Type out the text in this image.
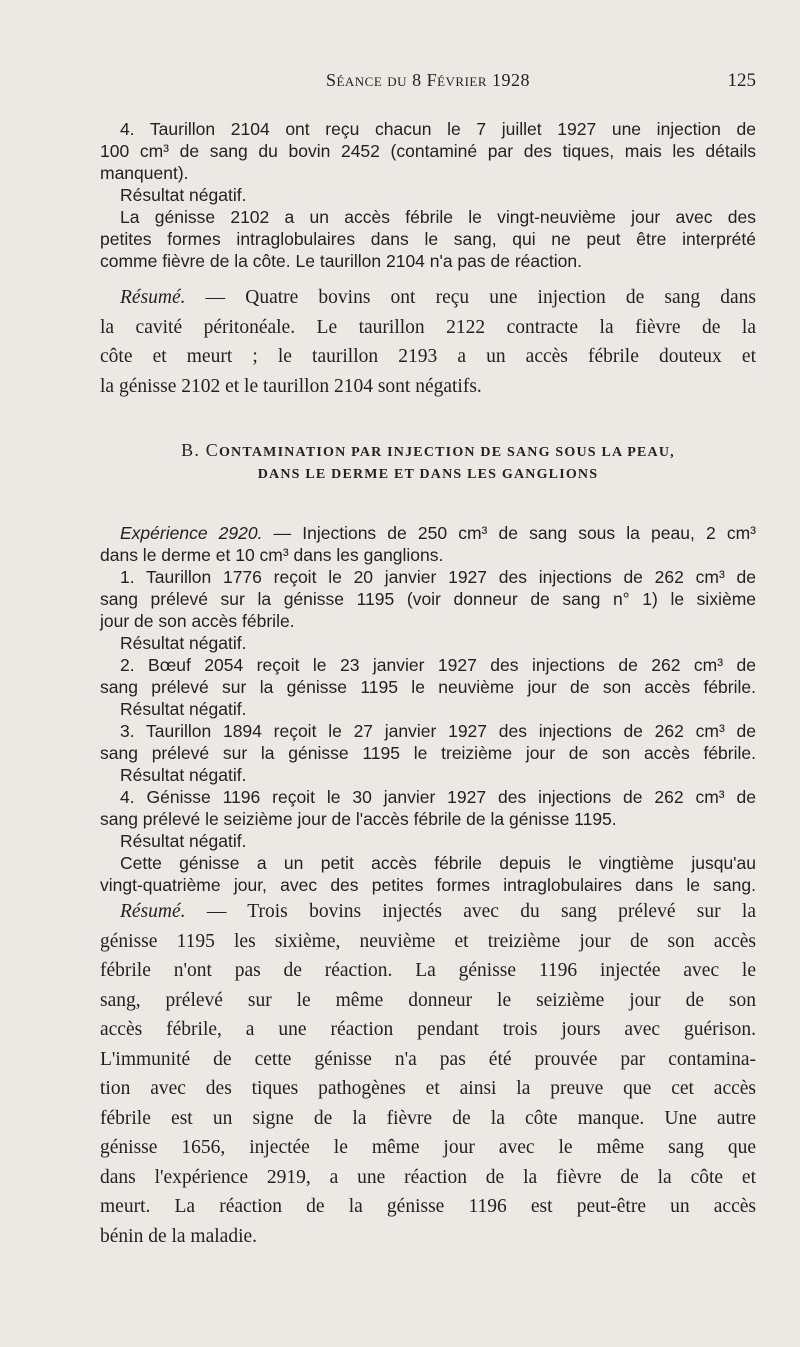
Séance du 8 Février 1928	125
4. Taurillon 2104 ont reçu chacun le 7 juillet 1927 une injection de
100 cm³ de sang du bovin 2452 (contaminé par des tiques, mais les détails
manquent).
Résultat négatif.
La génisse 2102 a un accès fébrile le vingt-neuvième jour avec des
petites formes intraglobulaires dans le sang, qui ne peut être interprété
comme fièvre de la côte. Le taurillon 2104 n'a pas de réaction.
Résumé. — Quatre bovins ont reçu une injection de sang dans
la cavité péritonéale. Le taurillon 2122 contracte la fièvre de la
côte et meurt ; le taurillon 2193 a un accès fébrile douteux et
la génisse 2102 et le taurillon 2104 sont négatifs.
B. CONTAMINATION PAR INJECTION DE SANG SOUS LA PEAU,
DANS LE DERME ET DANS LES GANGLIONS
Expérience 2920. — Injections de 250 cm³ de sang sous la peau, 2 cm³
dans le derme et 10 cm³ dans les ganglions.
1. Taurillon 1776 reçoit le 20 janvier 1927 des injections de 262 cm³ de
sang prélevé sur la génisse 1195 (voir donneur de sang n° 1) le sixième
jour de son accès fébrile.
Résultat négatif.
2. Bœuf 2054 reçoit le 23 janvier 1927 des injections de 262 cm³ de
sang prélevé sur la génisse 1195 le neuvième jour de son accès fébrile.
Résultat négatif.
3. Taurillon 1894 reçoit le 27 janvier 1927 des injections de 262 cm³ de
sang prélevé sur la génisse 1195 le treizième jour de son accès fébrile.
Résultat négatif.
4. Génisse 1196 reçoit le 30 janvier 1927 des injections de 262 cm³ de
sang prélevé le seizième jour de l'accès fébrile de la génisse 1195.
Résultat négatif.
Cette génisse a un petit accès fébrile depuis le vingtième jusqu'au
vingt-quatrième jour, avec des petites formes intraglobulaires dans le sang.
Résumé. — Trois bovins injectés avec du sang prélevé sur la
génisse 1195 les sixième, neuvième et treizième jour de son accès
fébrile n'ont pas de réaction. La génisse 1196 injectée avec le
sang, prélevé sur le même donneur le seizième jour de son
accès fébrile, a une réaction pendant trois jours avec guérison.
L'immunité de cette génisse n'a pas été prouvée par contamina-
tion avec des tiques pathogènes et ainsi la preuve que cet accès
fébrile est un signe de la fièvre de la côte manque. Une autre
génisse 1656, injectée le même jour avec le même sang que
dans l'expérience 2919, a une réaction de la fièvre de la côte et
meurt. La réaction de la génisse 1196 est peut-être un accès
bénin de la maladie.
